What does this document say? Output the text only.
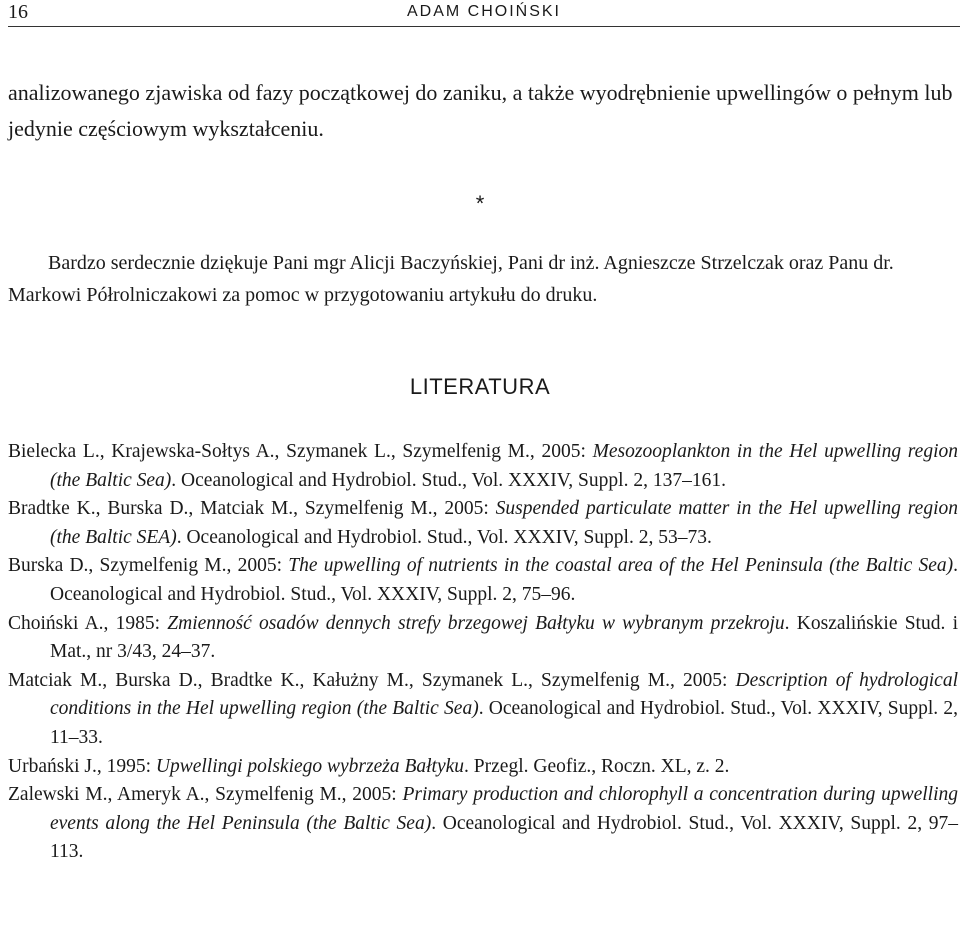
16	ADAM CHOIŃSKI

analizowanego zjawiska od fazy początkowej do zaniku, a także wyodrębnienie upwellingów o pełnym lub jedynie częściowym wykształceniu.

*

Bardzo serdecznie dziękuje Pani mgr Alicji Baczyńskiej, Pani dr inż. Agnieszcze Strzelczak oraz Panu dr. Markowi Półrolniczakowi za pomoc w przygotowaniu artykułu do druku.

LITERATURA

Bielecka L., Krajewska-Sołtys A., Szymanek L., Szymelfenig M., 2005: Mesozooplankton in the Hel upwelling region (the Baltic Sea). Oceanological and Hydrobiol. Stud., Vol. XXXIV, Suppl. 2, 137–161.

Bradtke K., Burska D., Matciak M., Szymelfenig M., 2005: Suspended particulate matter in the Hel upwelling region (the Baltic SEA). Oceanological and Hydrobiol. Stud., Vol. XXXIV, Suppl. 2, 53–73.

Burska D., Szymelfenig M., 2005: The upwelling of nutrients in the coastal area of the Hel Peninsula (the Baltic Sea). Oceanological and Hydrobiol. Stud., Vol. XXXIV, Suppl. 2, 75–96.

Choiński A., 1985: Zmienność osadów dennych strefy brzegowej Bałtyku w wybranym przekroju. Koszalińskie Stud. i Mat., nr 3/43, 24–37.

Matciak M., Burska D., Bradtke K., Kałużny M., Szymanek L., Szymelfenig M., 2005: Description of hydrological conditions in the Hel upwelling region (the Baltic Sea). Oceanological and Hydrobiol. Stud., Vol. XXXIV, Suppl. 2, 11–33.

Urbański J., 1995: Upwellingi polskiego wybrzeża Bałtyku. Przegl. Geofiz., Roczn. XL, z. 2.

Zalewski M., Ameryk A., Szymelfenig M., 2005: Primary production and chlorophyll a concentration during upwelling events along the Hel Peninsula (the Baltic Sea). Oceanological and Hydrobiol. Stud., Vol. XXXIV, Suppl. 2, 97–113.
